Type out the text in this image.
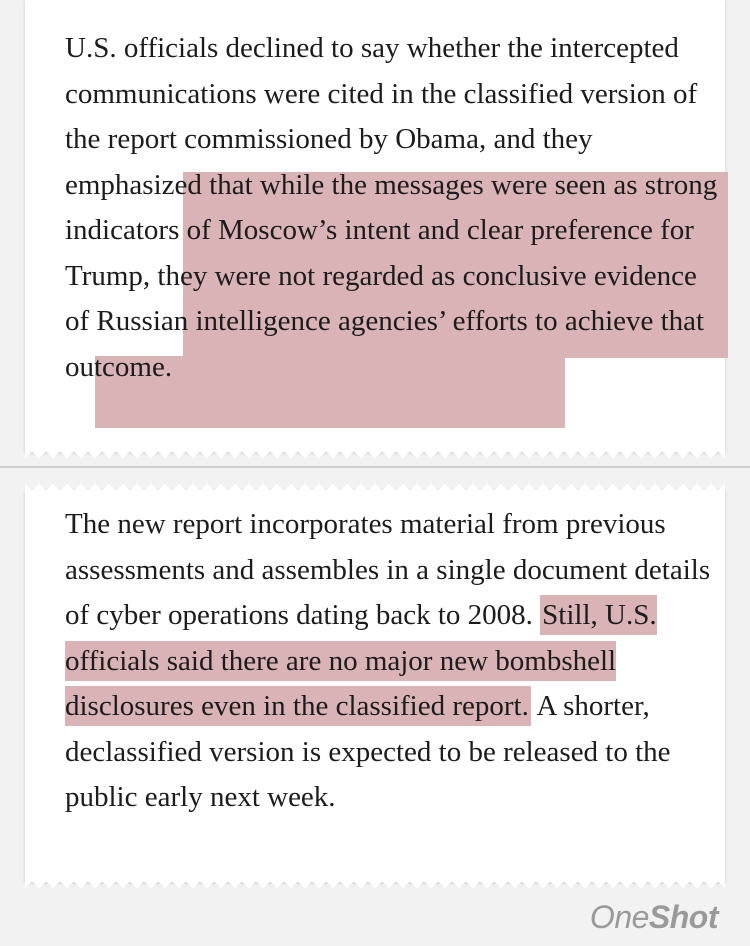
U.S. officials declined to say whether the intercepted communications were cited in the classified version of the report commissioned by Obama, and they emphasized that while the messages were seen as strong indicators of Moscow’s intent and clear preference for Trump, they were not regarded as conclusive evidence of Russian intelligence agencies’ efforts to achieve that outcome.

The new report incorporates material from previous assessments and assembles in a single document details of cyber operations dating back to 2008. Still, U.S. officials said there are no major new bombshell disclosures even in the classified report. A shorter, declassified version is expected to be released to the public early next week.

OneShot
